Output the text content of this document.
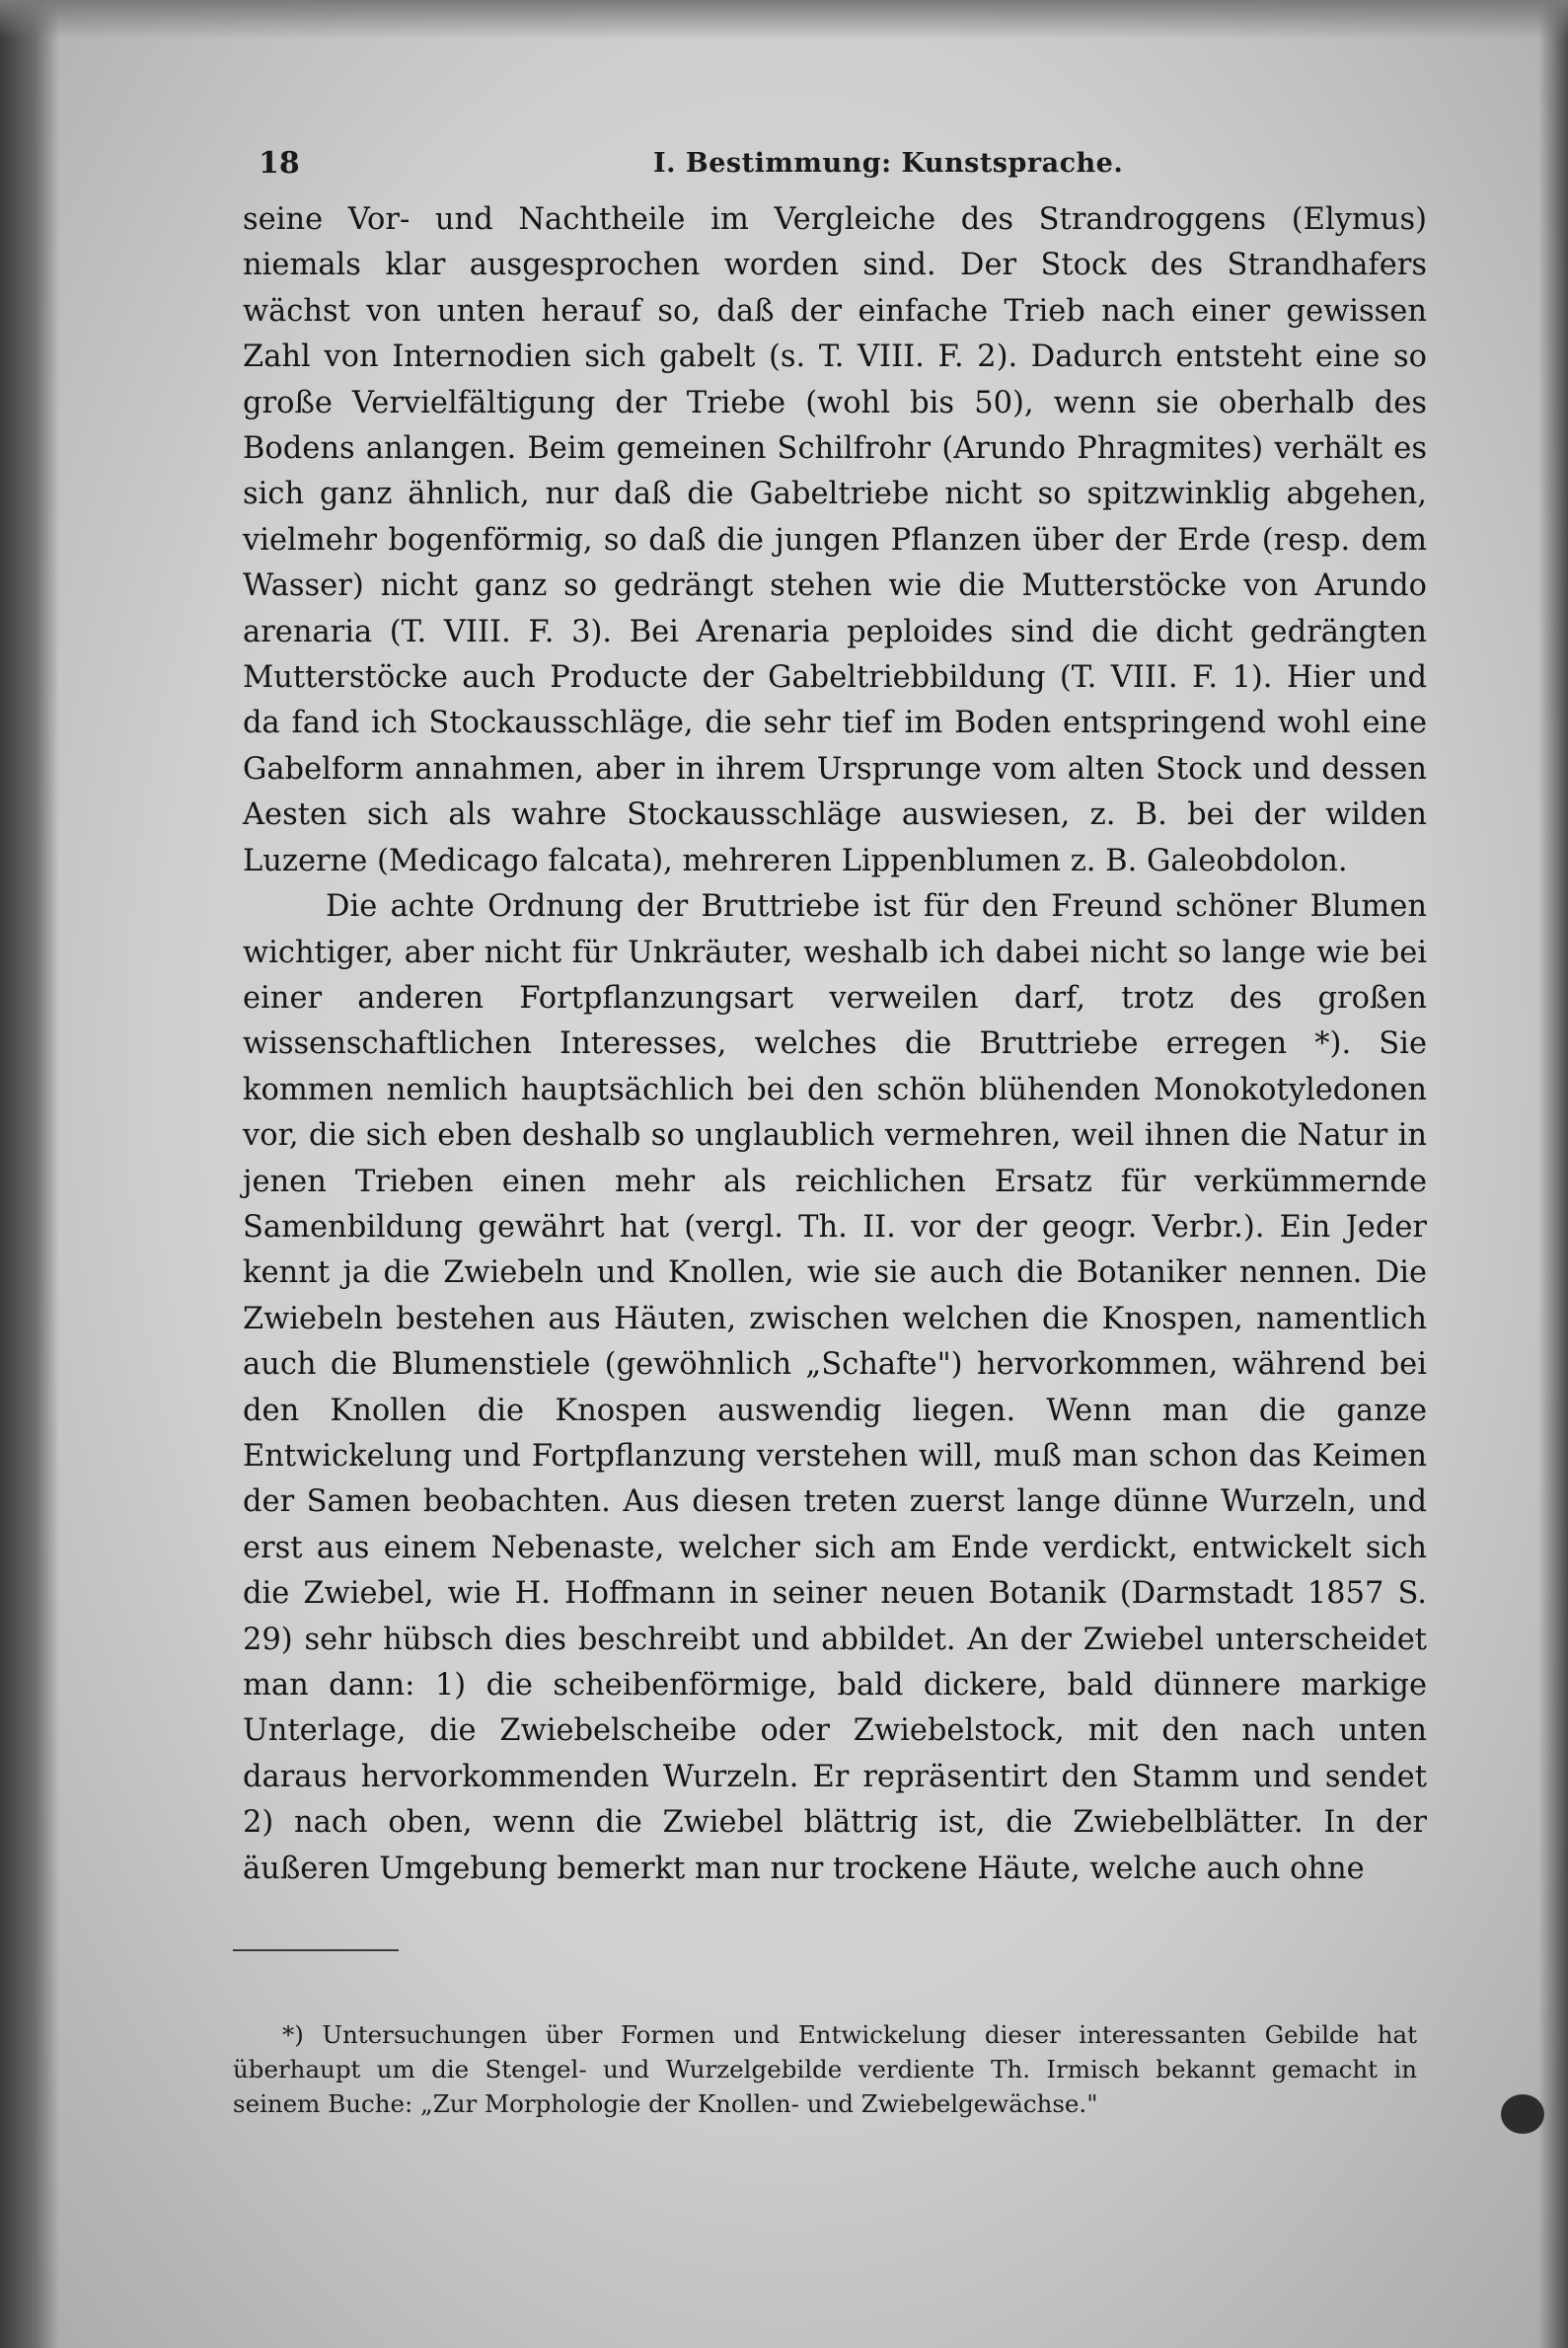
18	I. Bestimmung: Kunstsprache.

seine Vor- und Nachtheile im Vergleiche des Strandroggens (Elymus) niemals klar ausgesprochen worden sind. Der Stock des Strandhafers wächst von unten herauf so, daß der einfache Trieb nach einer gewissen Zahl von Internodien sich gabelt (s. T. VIII. F. 2). Dadurch entsteht eine so große Vervielfältigung der Triebe (wohl bis 50), wenn sie oberhalb des Bodens anlangen. Beim gemeinen Schilfrohr (Arundo Phragmites) verhält es sich ganz ähnlich, nur daß die Gabeltriebe nicht so spitzwinklig abgehen, vielmehr bogenförmig, so daß die jungen Pflanzen über der Erde (resp. dem Wasser) nicht ganz so gedrängt stehen wie die Mutterstöcke von Arundo arenaria (T. VIII. F. 3). Bei Arenaria peploides sind die dicht gedrängten Mutterstöcke auch Producte der Gabeltriebbildung (T. VIII. F. 1). Hier und da fand ich Stockausschläge, die sehr tief im Boden entspringend wohl eine Gabelform annahmen, aber in ihrem Ursprunge vom alten Stock und dessen Aesten sich als wahre Stockausschläge auswiesen, z. B. bei der wilden Luzerne (Medicago falcata), mehreren Lippenblumen z. B. Galeobdolon.

Die achte Ordnung der Bruttriebe ist für den Freund schöner Blumen wichtiger, aber nicht für Unkräuter, weshalb ich dabei nicht so lange wie bei einer anderen Fortpflanzungsart verweilen darf, trotz des großen wissenschaftlichen Interesses, welches die Bruttriebe erregen *). Sie kommen nemlich hauptsächlich bei den schön blühenden Monokotyledonen vor, die sich eben deshalb so unglaublich vermehren, weil ihnen die Natur in jenen Trieben einen mehr als reichlichen Ersatz für verkümmernde Samenbildung gewährt hat (vergl. Th. II. vor der geogr. Verbr.). Ein Jeder kennt ja die Zwiebeln und Knollen, wie sie auch die Botaniker nennen. Die Zwiebeln bestehen aus Häuten, zwischen welchen die Knospen, namentlich auch die Blumenstiele (gewöhnlich „Schafte") hervorkommen, während bei den Knollen die Knospen auswendig liegen. Wenn man die ganze Entwickelung und Fortpflanzung verstehen will, muß man schon das Keimen der Samen beobachten. Aus diesen treten zuerst lange dünne Wurzeln, und erst aus einem Nebenaste, welcher sich am Ende verdickt, entwickelt sich die Zwiebel, wie H. Hoffmann in seiner neuen Botanik (Darmstadt 1857 S. 29) sehr hübsch dies beschreibt und abbildet. An der Zwiebel unterscheidet man dann: 1) die scheibenförmige, bald dickere, bald dünnere markige Unterlage, die Zwiebelscheibe oder Zwiebelstock, mit den nach unten daraus hervorkommenden Wurzeln. Er repräsentirt den Stamm und sendet 2) nach oben, wenn die Zwiebel blättrig ist, die Zwiebelblätter. In der äußeren Umgebung bemerkt man nur trockene Häute, welche auch ohne

*) Untersuchungen über Formen und Entwickelung dieser interessanten Gebilde hat überhaupt um die Stengel- und Wurzelgebilde verdiente Th. Irmisch bekannt gemacht in seinem Buche: „Zur Morphologie der Knollen- und Zwiebelgewächse."
